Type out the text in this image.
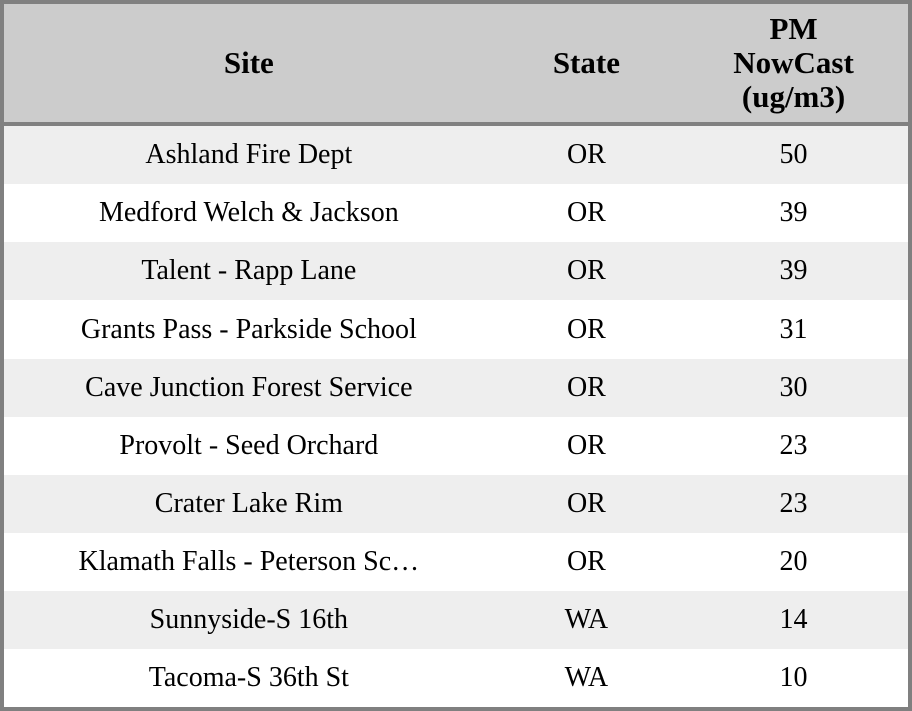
Site	State	PM
NowCast
(ug/m3)

Ashland Fire Dept	OR	50
Medford Welch & Jackson	OR	39
Talent - Rapp Lane	OR	39
Grants Pass - Parkside School	OR	31
Cave Junction Forest Service	OR	30
Provolt - Seed Orchard	OR	23
Crater Lake Rim	OR	23
Klamath Falls - Peterson Sc…	OR	20
Sunnyside-S 16th	WA	14
Tacoma-S 36th St	WA	10
